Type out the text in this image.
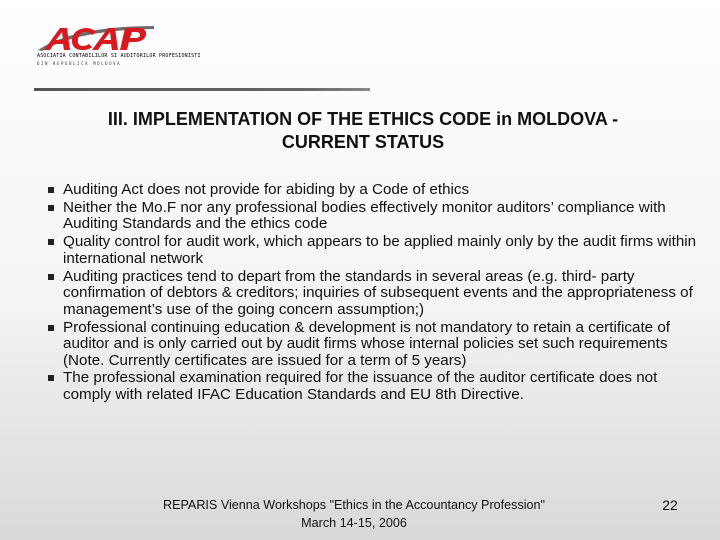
ASOCIATIA CONTABILILOR SI AUDITORILOR PROFESIONISTI
DIN REPUBLICA MOLDOVA
III. IMPLEMENTATION OF THE ETHICS CODE in MOLDOVA -
CURRENT STATUS
Auditing Act does not provide for abiding by a Code of ethics
Neither the Mo.F nor any professional bodies effectively monitor auditors’ compliance with Auditing Standards and the ethics code
Quality control for audit work, which appears to be applied mainly only by the audit firms within international network
Auditing practices tend to depart from the standards in several areas (e.g. third- party confirmation of debtors & creditors; inquiries of subsequent events and the appropriateness of management’s use of the going concern assumption;)
Professional continuing education & development is not mandatory to retain a certificate of auditor and is only carried out by audit firms whose internal policies set such requirements (Note. Currently certificates are issued for a term of 5 years)
The professional examination required for the issuance of the auditor certificate does not comply with related IFAC Education Standards and EU 8th Directive.
REPARIS Vienna Workshops "Ethics in the Accountancy Profession"
March 14-15, 2006
22
